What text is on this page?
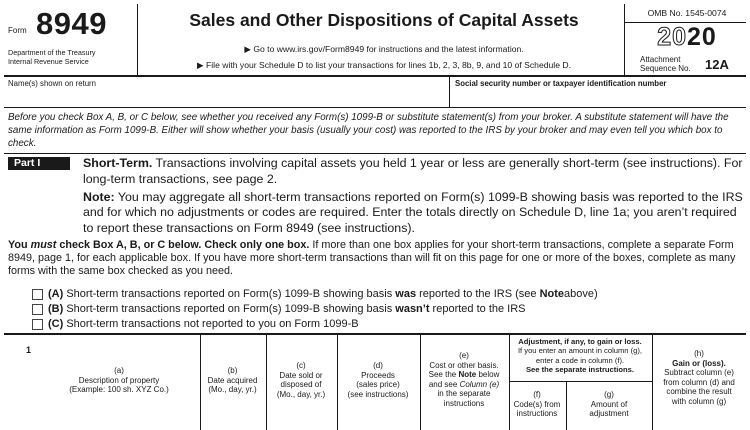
Form 8949
Department of the Treasury
Internal Revenue Service
Sales and Other Dispositions of Capital Assets
▶ Go to www.irs.gov/Form8949 for instructions and the latest information.
▶ File with your Schedule D to list your transactions for lines 1b, 2, 3, 8b, 9, and 10 of Schedule D.
OMB No. 1545-0074
2020
Attachment
Sequence No. 12A
Name(s) shown on return	Social security number or taxpayer identification number
Before you check Box A, B, or C below, see whether you received any Form(s) 1099-B or substitute statement(s) from your broker. A substitute statement will have the same information as Form 1099-B. Either will show whether your basis (usually your cost) was reported to the IRS by your broker and may even tell you which box to check.
Part I	Short-Term. Transactions involving capital assets you held 1 year or less are generally short-term (see instructions). For long-term transactions, see page 2.
Note: You may aggregate all short-term transactions reported on Form(s) 1099-B showing basis was reported to the IRS and for which no adjustments or codes are required. Enter the totals directly on Schedule D, line 1a; you aren’t required to report these transactions on Form 8949 (see instructions).
You must check Box A, B, or C below. Check only one box. If more than one box applies for your short-term transactions, complete a separate Form 8949, page 1, for each applicable box. If you have more short-term transactions than will fit on this page for one or more of the boxes, complete as many forms with the same box checked as you need.
(A) Short-term transactions reported on Form(s) 1099-B showing basis was reported to the IRS (see Note above)
(B) Short-term transactions reported on Form(s) 1099-B showing basis wasn’t reported to the IRS
(C) Short-term transactions not reported to you on Form 1099-B
1
(a)
Description of property
(Example: 100 sh. XYZ Co.)
(b)
Date acquired
(Mo., day, yr.)
(c)
Date sold or
disposed of
(Mo., day, yr.)
(d)
Proceeds
(sales price)
(see instructions)
(e)
Cost or other basis.
See the Note below
and see Column (e)
in the separate
instructions
Adjustment, if any, to gain or loss.
If you enter an amount in column (g),
enter a code in column (f).
See the separate instructions.
(f)
Code(s) from
instructions
(g)
Amount of
adjustment
(h)
Gain or (loss).
Subtract column (e)
from column (d) and
combine the result
with column (g)
